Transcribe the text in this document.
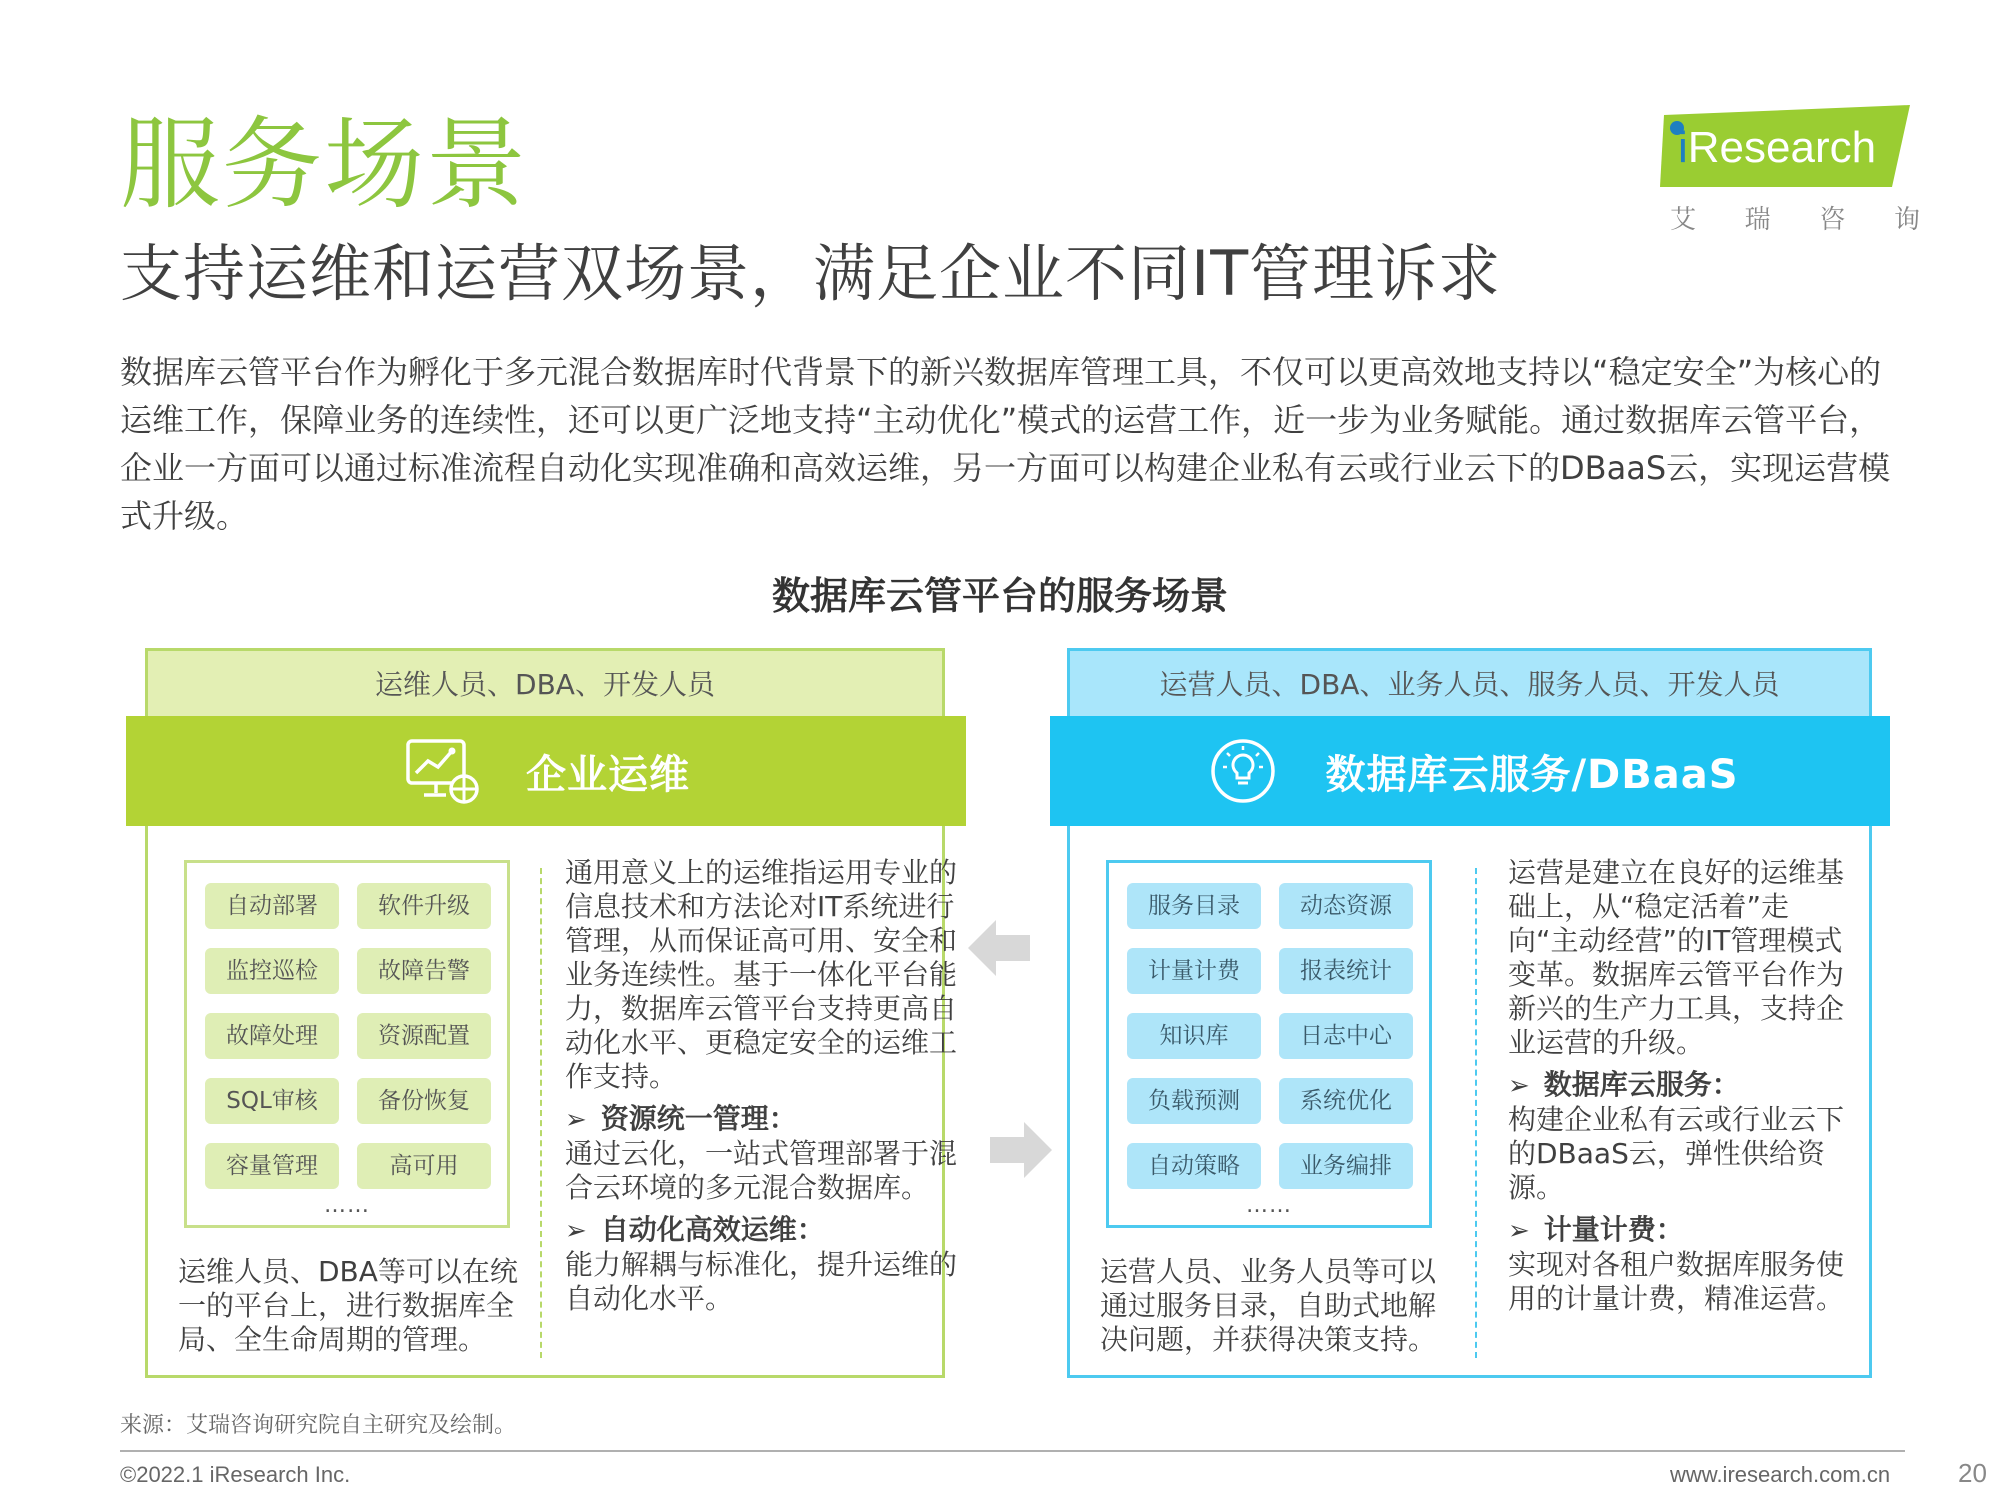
服务场景
支持运维和运营双场景，满足企业不同IT管理诉求
数据库云管平台作为孵化于多元混合数据库时代背景下的新兴数据库管理工具，不仅可以更高效地支持以“稳定安全”为核心的运维工作，保障业务的连续性，还可以更广泛地支持“主动优化”模式的运营工作，近一步为业务赋能。通过数据库云管平台，企业一方面可以通过标准流程自动化实现准确和高效运维，另一方面可以构建企业私有云或行业云下的DBaaS云，实现运营模式升级。
iResearch
艾 瑞 咨 询
数据库云管平台的服务场景
运维人员、DBA、开发人员
企业运维
自动部署	软件升级
监控巡检	故障告警
故障处理	资源配置
SQL审核	备份恢复
容量管理	高可用
……
运维人员、DBA等可以在统一的平台上，进行数据库全局、全生命周期的管理。

通用意义上的运维指运用专业的信息技术和方法论对IT系统进行管理，从而保证高可用、安全和业务连续性。基于一体化平台能力，数据库云管平台支持更高自动化水平、更稳定安全的运维工作支持。

➢ 资源统一管理：

通过云化，一站式管理部署于混合云环境的多元混合数据库。

➢ 自动化高效运维：

能力解耦与标准化，提升运维的自动化水平。

运营人员、DBA、业务人员、服务人员、开发人员
数据库云服务/DBaaS
服务目录	动态资源
计量计费	报表统计
知识库	日志中心
负载预测	系统优化
自动策略	业务编排
……
运营人员、业务人员等可以通过服务目录，自助式地解决问题，并获得决策支持。

运营是建立在良好的运维基础上，从“稳定活着”走向“主动经营”的IT管理模式变革。数据库云管平台作为新兴的生产力工具，支持企业运营的升级。

➢ 数据库云服务：

构建企业私有云或行业云下的DBaaS云，弹性供给资源。

➢ 计量计费：

实现对各租户数据库服务使用的计量计费，精准运营。

来源：艾瑞咨询研究院自主研究及绘制。
©2022.1 iResearch Inc.	www.iresearch.com.cn	20
